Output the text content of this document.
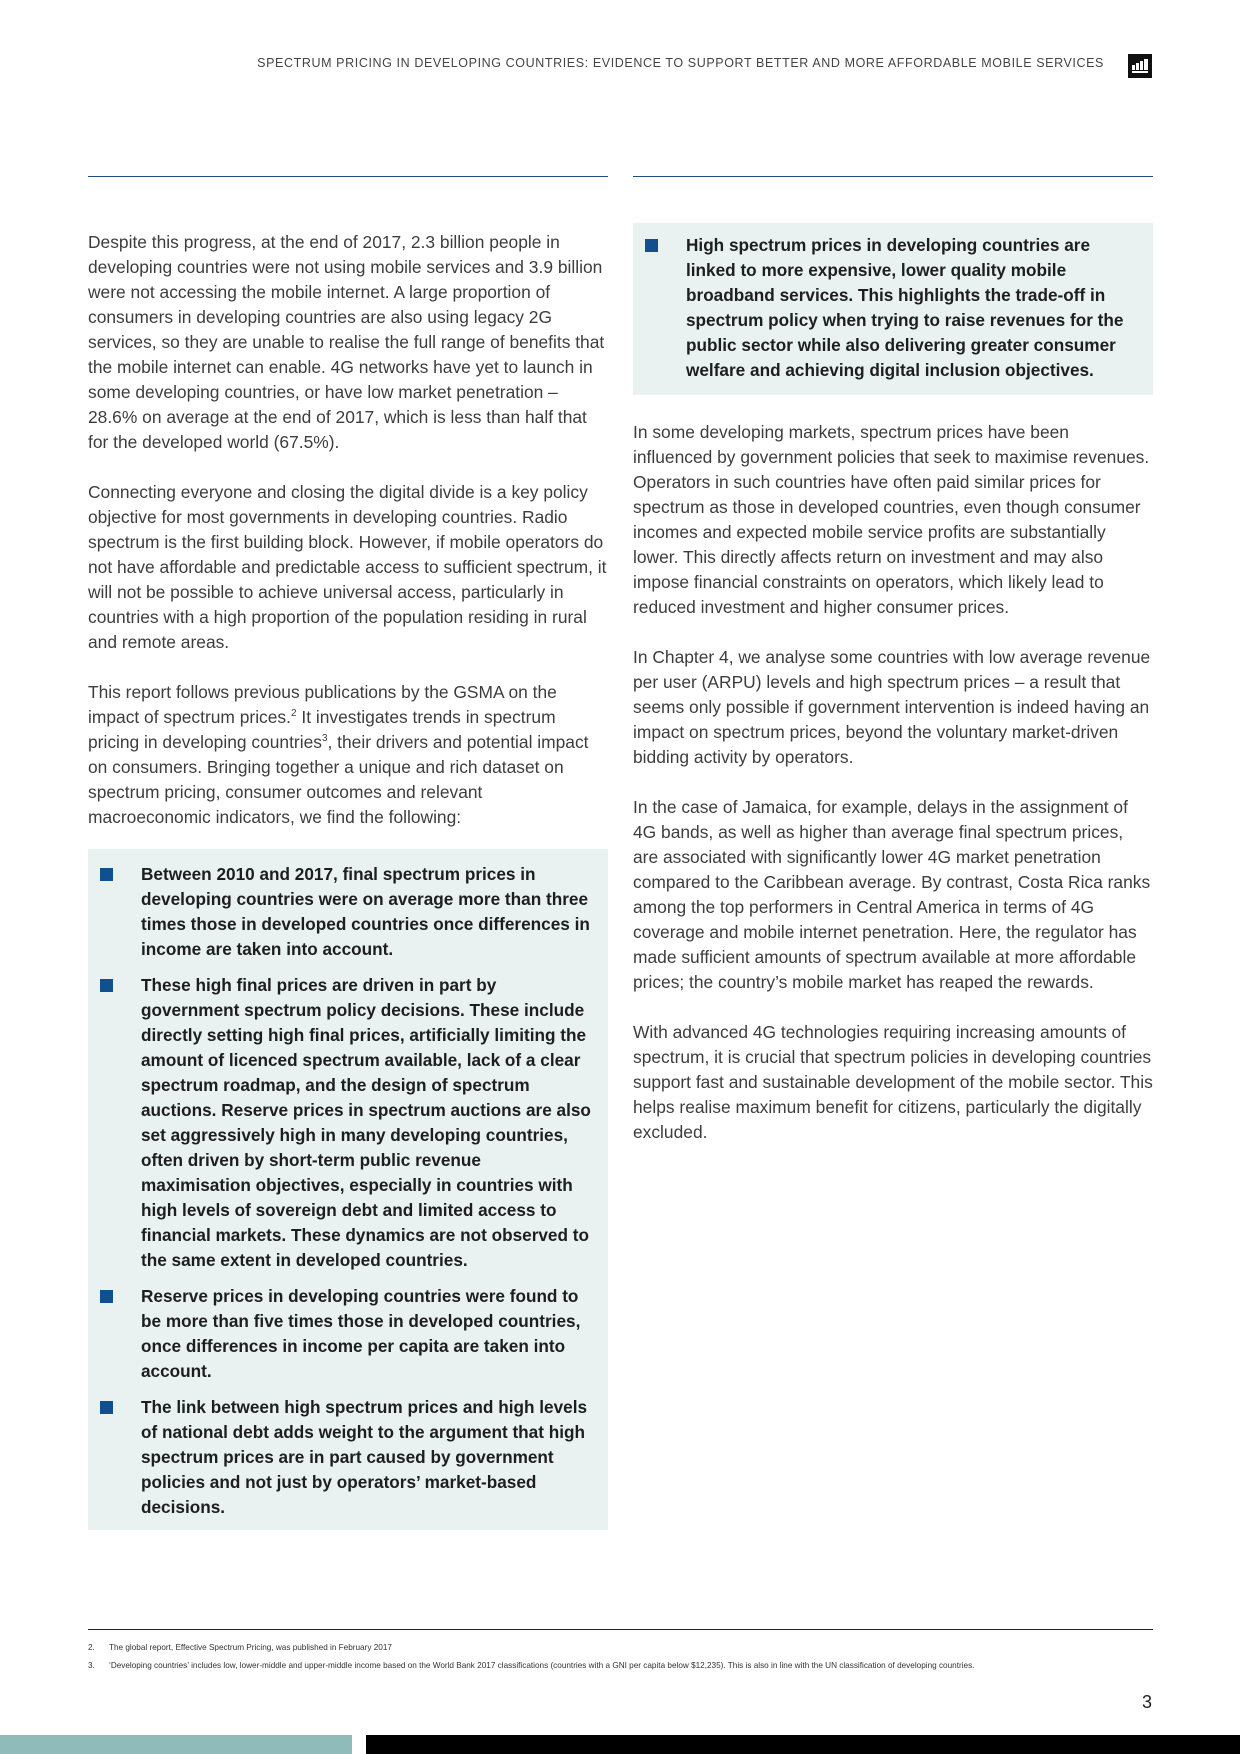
SPECTRUM PRICING IN DEVELOPING COUNTRIES: EVIDENCE TO SUPPORT BETTER AND MORE AFFORDABLE MOBILE SERVICES

Despite this progress, at the end of 2017, 2.3 billion people in developing countries were not using mobile services and 3.9 billion were not accessing the mobile internet. A large proportion of consumers in developing countries are also using legacy 2G services, so they are unable to realise the full range of benefits that the mobile internet can enable. 4G networks have yet to launch in some developing countries, or have low market penetration – 28.6% on average at the end of 2017, which is less than half that for the developed world (67.5%).

Connecting everyone and closing the digital divide is a key policy objective for most governments in developing countries. Radio spectrum is the first building block. However, if mobile operators do not have affordable and predictable access to sufficient spectrum, it will not be possible to achieve universal access, particularly in countries with a high proportion of the population residing in rural and remote areas.

This report follows previous publications by the GSMA on the impact of spectrum prices.$^2$ It investigates trends in spectrum pricing in developing countries$^3$, their drivers and potential impact on consumers. Bringing together a unique and rich dataset on spectrum pricing, consumer outcomes and relevant macroeconomic indicators, we find the following:

Between 2010 and 2017, final spectrum prices in developing countries were on average more than three times those in developed countries once differences in income are taken into account.
These high final prices are driven in part by government spectrum policy decisions. These include directly setting high final prices, artificially limiting the amount of licenced spectrum available, lack of a clear spectrum roadmap, and the design of spectrum auctions. Reserve prices in spectrum auctions are also set aggressively high in many developing countries, often driven by short-term public revenue maximisation objectives, especially in countries with high levels of sovereign debt and limited access to financial markets. These dynamics are not observed to the same extent in developed countries.
Reserve prices in developing countries were found to be more than five times those in developed countries, once differences in income per capita are taken into account.
The link between high spectrum prices and high levels of national debt adds weight to the argument that high spectrum prices are in part caused by government policies and not just by operators’ market-based decisions.
High spectrum prices in developing countries are linked to more expensive, lower quality mobile broadband services. This highlights the trade-off in spectrum policy when trying to raise revenues for the public sector while also delivering greater consumer welfare and achieving digital inclusion objectives.

In some developing markets, spectrum prices have been influenced by government policies that seek to maximise revenues. Operators in such countries have often paid similar prices for spectrum as those in developed countries, even though consumer incomes and expected mobile service profits are substantially lower. This directly affects return on investment and may also impose financial constraints on operators, which likely lead to reduced investment and higher consumer prices.

In Chapter 4, we analyse some countries with low average revenue per user (ARPU) levels and high spectrum prices – a result that seems only possible if government intervention is indeed having an impact on spectrum prices, beyond the voluntary market-driven bidding activity by operators.

In the case of Jamaica, for example, delays in the assignment of 4G bands, as well as higher than average final spectrum prices, are associated with significantly lower 4G market penetration compared to the Caribbean average. By contrast, Costa Rica ranks among the top performers in Central America in terms of 4G coverage and mobile internet penetration. Here, the regulator has made sufficient amounts of spectrum available at more affordable prices; the country’s mobile market has reaped the rewards.

With advanced 4G technologies requiring increasing amounts of spectrum, it is crucial that spectrum policies in developing countries support fast and sustainable development of the mobile sector. This helps realise maximum benefit for citizens, particularly the digitally excluded.

2. The global report, Effective Spectrum Pricing, was published in February 2017
3. ‘Developing countries’ includes low, lower-middle and upper-middle income based on the World Bank 2017 classifications (countries with a GNI per capita below $12,235). This is also in line with the UN classification of developing countries.
3
